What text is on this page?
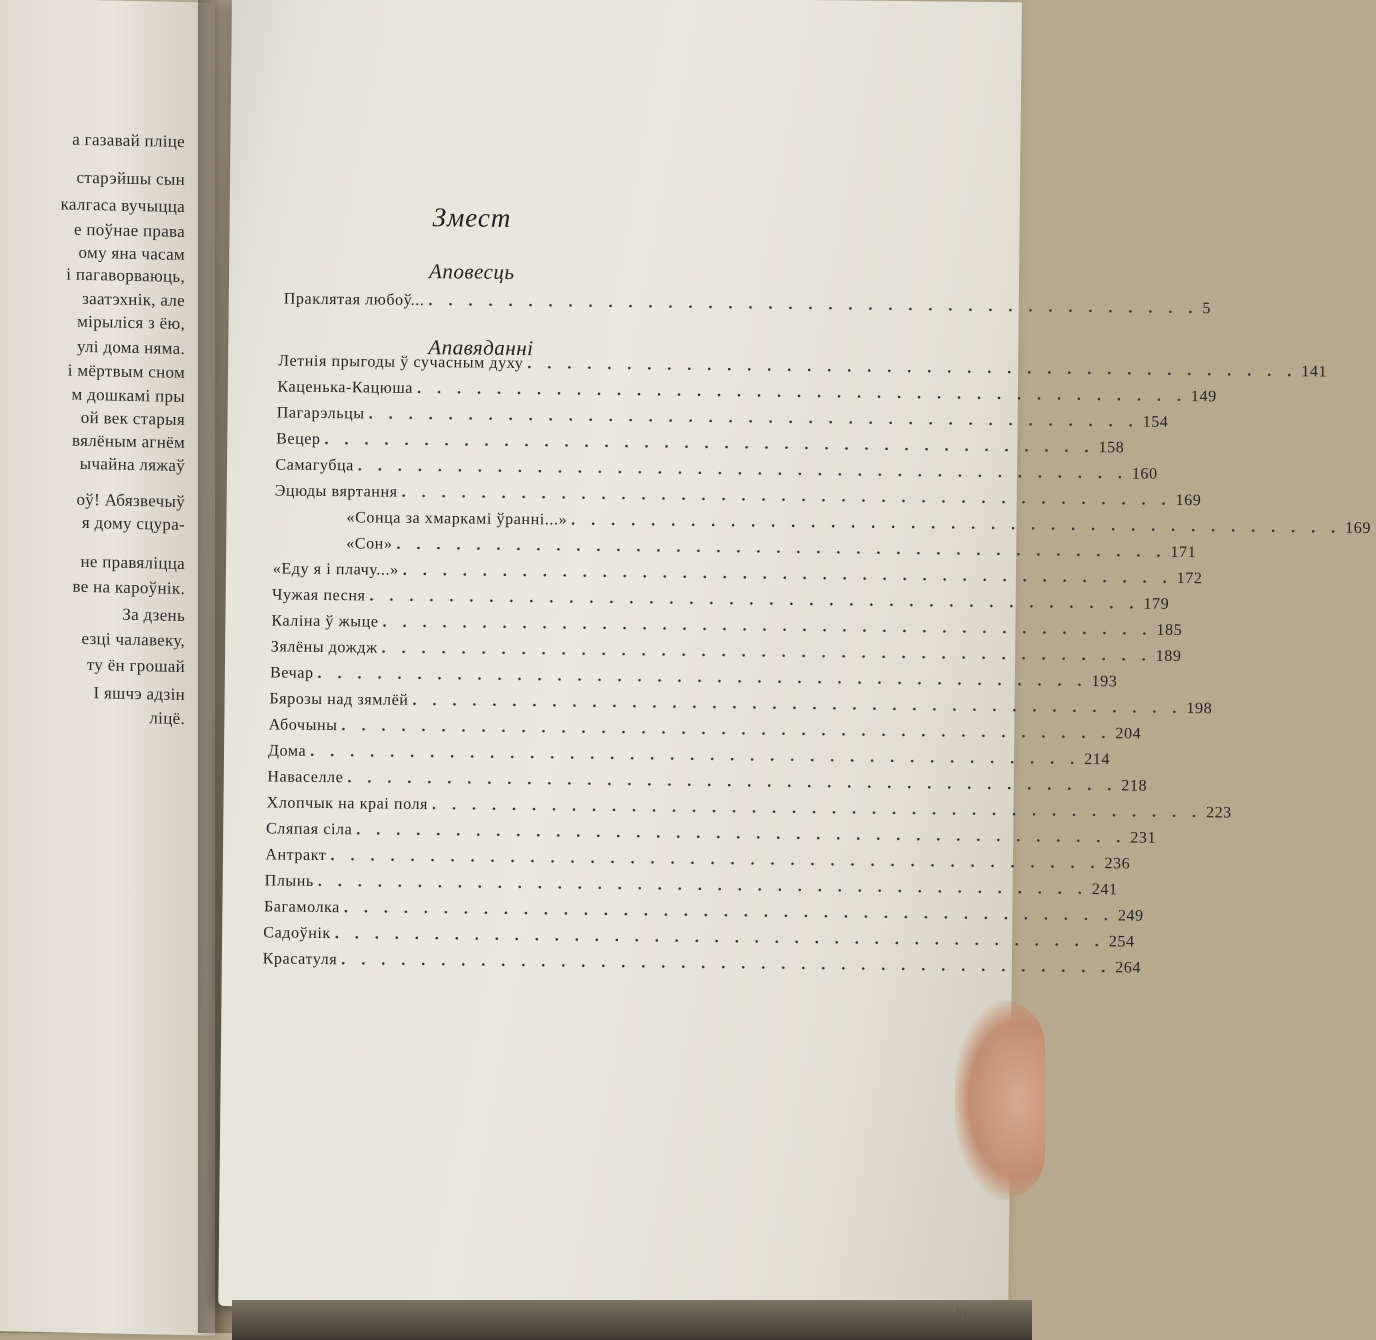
а газавай пліце
старэйшы сын
калгаса вучыцца
е поўнае права
ому яна часам
і пагаворваюць,
заатэхнік, але
мірыліся з ёю,
улі дома няма.
і мёртвым сном
м дошкамі пры
ой век старыя
вялёным агнём
ычайна ляжаў
оў! Абязвечыў
я дому сцура-
не правяліцца
ве на кароўнік.
За дзень
езці чалавеку,
ту ён грошай
І яшчэ адзін
ліцё.
Змест
Аповесць
Праклятая любоў... . . . . . . . . . . . . . . . . . . . . . . . . . . . . . . . . . . . . . . . 5
Апавяданні
Летнія прыгоды ў сучасным духу . . . . . . . . . . . . . . . . . . . . . . . . . . . . . . . . . . . . . . . 141
Каценька-Кацюша . . . . . . . . . . . . . . . . . . . . . . . . . . . . . . . . . . . . . . . 149
Пагарэльцы . . . . . . . . . . . . . . . . . . . . . . . . . . . . . . . . . . . . . . . 154
Вецер . . . . . . . . . . . . . . . . . . . . . . . . . . . . . . . . . . . . . . . 158
Самагубца . . . . . . . . . . . . . . . . . . . . . . . . . . . . . . . . . . . . . . . 160
Эцюды вяртання . . . . . . . . . . . . . . . . . . . . . . . . . . . . . . . . . . . . . . . 169
«Сонца за хмаркамі ўранні...» . . . . . . . . . . . . . . . . . . . . . . . . . . . . . . . . . . . . . . . 169
«Сон» . . . . . . . . . . . . . . . . . . . . . . . . . . . . . . . . . . . . . . . 171
«Еду я і плачу...» . . . . . . . . . . . . . . . . . . . . . . . . . . . . . . . . . . . . . . . 172
Чужая песня . . . . . . . . . . . . . . . . . . . . . . . . . . . . . . . . . . . . . . . 179
Каліна ў жыце . . . . . . . . . . . . . . . . . . . . . . . . . . . . . . . . . . . . . . . 185
Зялёны дождж . . . . . . . . . . . . . . . . . . . . . . . . . . . . . . . . . . . . . . . 189
Вечар . . . . . . . . . . . . . . . . . . . . . . . . . . . . . . . . . . . . . . . 193
Бярозы над зямлёй . . . . . . . . . . . . . . . . . . . . . . . . . . . . . . . . . . . . . . . 198
Абочыны . . . . . . . . . . . . . . . . . . . . . . . . . . . . . . . . . . . . . . . 204
Дома . . . . . . . . . . . . . . . . . . . . . . . . . . . . . . . . . . . . . . . 214
Наваселле . . . . . . . . . . . . . . . . . . . . . . . . . . . . . . . . . . . . . . . 218
Хлопчык на краі поля . . . . . . . . . . . . . . . . . . . . . . . . . . . . . . . . . . . . . . . 223
Сляпая сіла . . . . . . . . . . . . . . . . . . . . . . . . . . . . . . . . . . . . . . . 231
Антракт . . . . . . . . . . . . . . . . . . . . . . . . . . . . . . . . . . . . . . . 236
Плынь . . . . . . . . . . . . . . . . . . . . . . . . . . . . . . . . . . . . . . . 241
Багамолка . . . . . . . . . . . . . . . . . . . . . . . . . . . . . . . . . . . . . . . 249
Садоўнік . . . . . . . . . . . . . . . . . . . . . . . . . . . . . . . . . . . . . . . 254
Красатуля . . . . . . . . . . . . . . . . . . . . . . . . . . . . . . . . . . . . . . . 264
by
